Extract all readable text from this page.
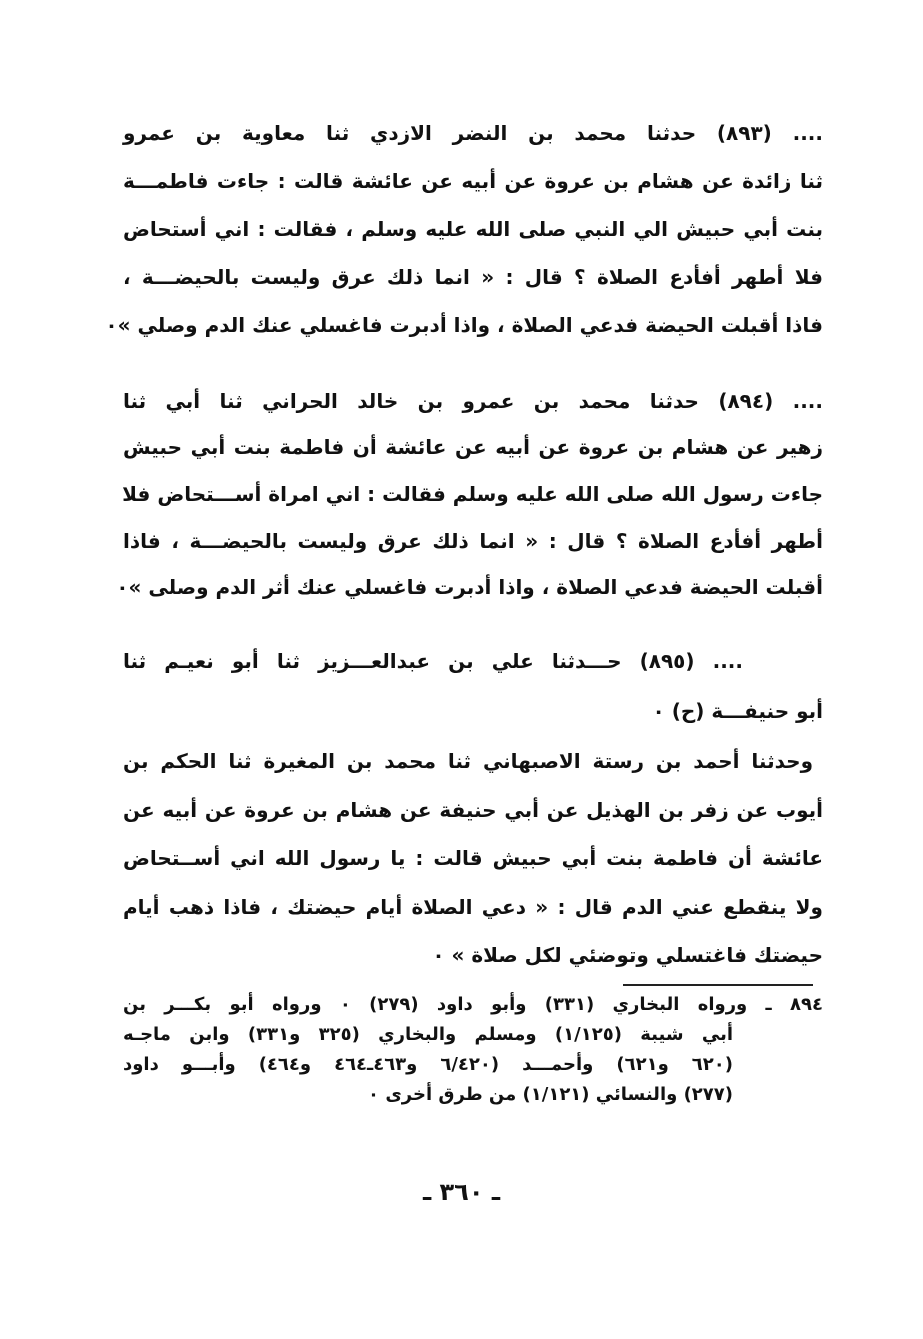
.... (٨٩٣) حدثنا محمد بن النضر الازدي ثنا معاوية بن عمرو
ثنا زائدة عن هشام بن عروة عن أبيه عن عائشة قالت : جاءت فاطمـــة
بنت أبي حبيش الي النبي صلى الله عليه وسلم ، فقالت : اني أستحاض
فلا أطهر أفأدع الصلاة ؟ قال : « انما ذلك عرق وليست بالحيضـــة ،
فاذا أقبلت الحيضة فدعي الصلاة ، واذا أدبرت فاغسلي عنك الدم وصلي »٠
.... (٨٩٤) حدثنا محمد بن عمرو بن خالد الحراني ثنا أبي ثنا
زهير عن هشام بن عروة عن أبيه عن عائشة أن فاطمة بنت أبي حبيش
جاءت رسول الله صلى الله عليه وسلم فقالت : اني امراة أســـتحاض فلا
أطهر أفأدع الصلاة ؟ قال : « انما ذلك عرق وليست بالحيضـــة ، فاذا
أقبلت الحيضة فدعي الصلاة ، واذا أدبرت فاغسلي عنك أثر الدم وصلى »٠
.... (٨٩٥) حـــدثنا علي بن عبدالعـــزيز ثنا أبو نعيـم ثنا
أبو حنيفـــة (ح) ٠
وحدثنا أحمد بن رستة الاصبهاني ثنا محمد بن المغيرة ثنا الحكم بن
أيوب عن زفر بن الهذيل عن أبي حنيفة عن هشام بن عروة عن أبيه عن
عائشة أن فاطمة بنت أبي حبيش قالت : يا رسول الله اني أســتحاض
ولا ينقطع عني الدم قال : « دعي الصلاة أيام حيضتك ، فاذا ذهب أيام
حيضتك فاغتسلي وتوضئي لكل صلاة » ٠
٨٩٤ ـ ورواه البخاري (٣٣١) وأبو داود (٢٧٩) ٠ ورواه أبو بكـــر بن
أبي شيبة (١/١٢٥) ومسلم والبخاري (٣٢٥ و٣٣١) وابن ماجـه
(٦٢٠ و٦٢١) وأحمـــد (٦/٤٢٠ و٤٦٣ـ٤٦٤ و٤٦٤) وأبـــو داود
(٢٧٧) والنسائي (١/١٢١) من طرق أخرى ٠
ـ ٣٦٠ ـ
